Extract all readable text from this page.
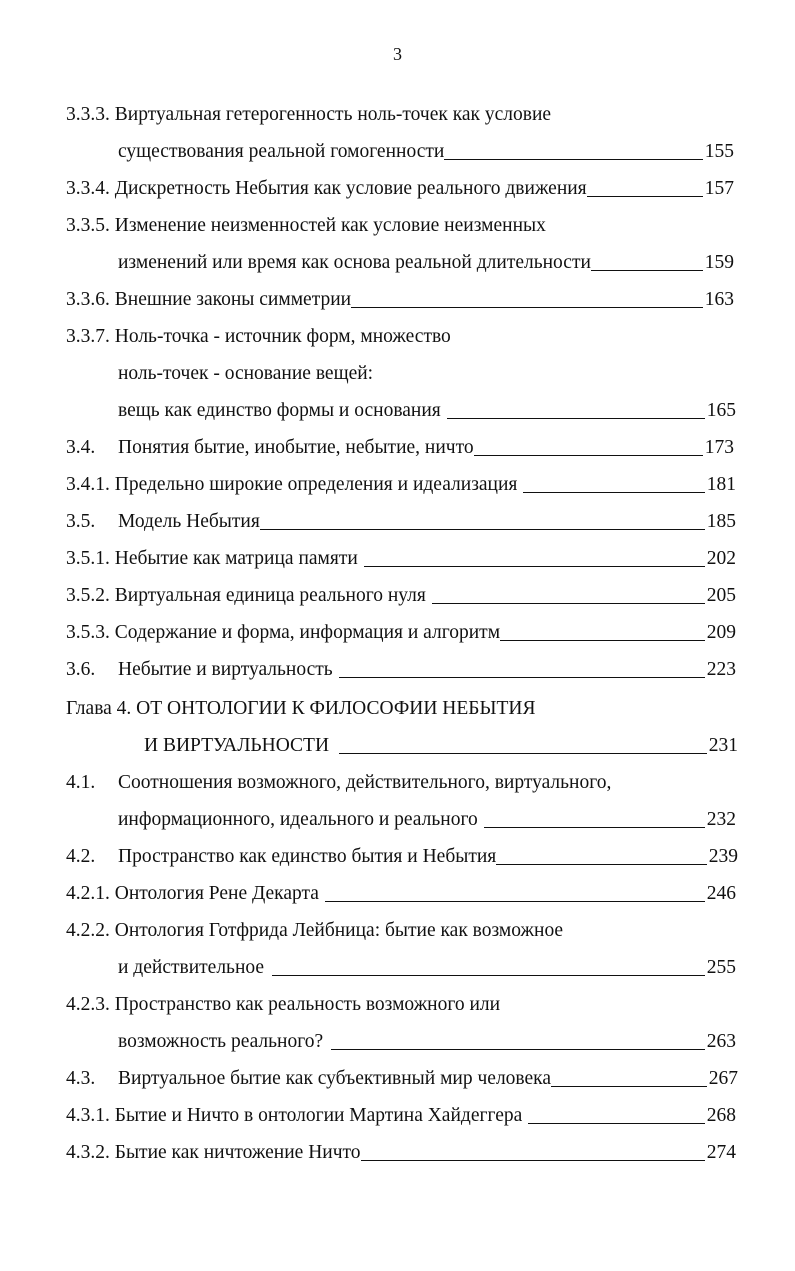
3
3.3.3. Виртуальная гетерогенность ноль-точек как условие
существования реальной гомогенности	155
3.3.4. Дискретность Небытия как условие реального движения	157
3.3.5. Изменение неизменностей как условие неизменных
изменений или время как основа реальной длительности	159
3.3.6. Внешние законы симметрии	163
3.3.7. Ноль-точка - источник форм, множество
ноль-точек - основание вещей:
вещь как единство формы и основания	165
3.4.	Понятия бытие, инобытие, небытие, ничто	173
3.4.1. Предельно широкие определения и идеализация	181
3.5.	Модель Небытия	185
3.5.1. Небытие как матрица памяти	202
3.5.2. Виртуальная единица реального нуля	205
3.5.3. Содержание и форма, информация и алгоритм	209
3.6.	Небытие и виртуальность	223
Глава 4. ОТ ОНТОЛОГИИ К ФИЛОСОФИИ НЕБЫТИЯ
И ВИРТУАЛЬНОСТИ	231
4.1.	Соотношения возможного, действительного, виртуального,
информационного, идеального и реального	232
4.2.	Пространство как единство бытия и Небытия	239
4.2.1. Онтология Рене Декарта	246
4.2.2. Онтология Готфрида Лейбница: бытие как возможное
и действительное	255
4.2.3. Пространство как реальность возможного или
возможность реального?	263
4.3.	Виртуальное бытие как субъективный мир человека	267
4.3.1. Бытие и Ничто в онтологии Мартина Хайдеггера	268
4.3.2. Бытие как ничтожение Ничто	274
